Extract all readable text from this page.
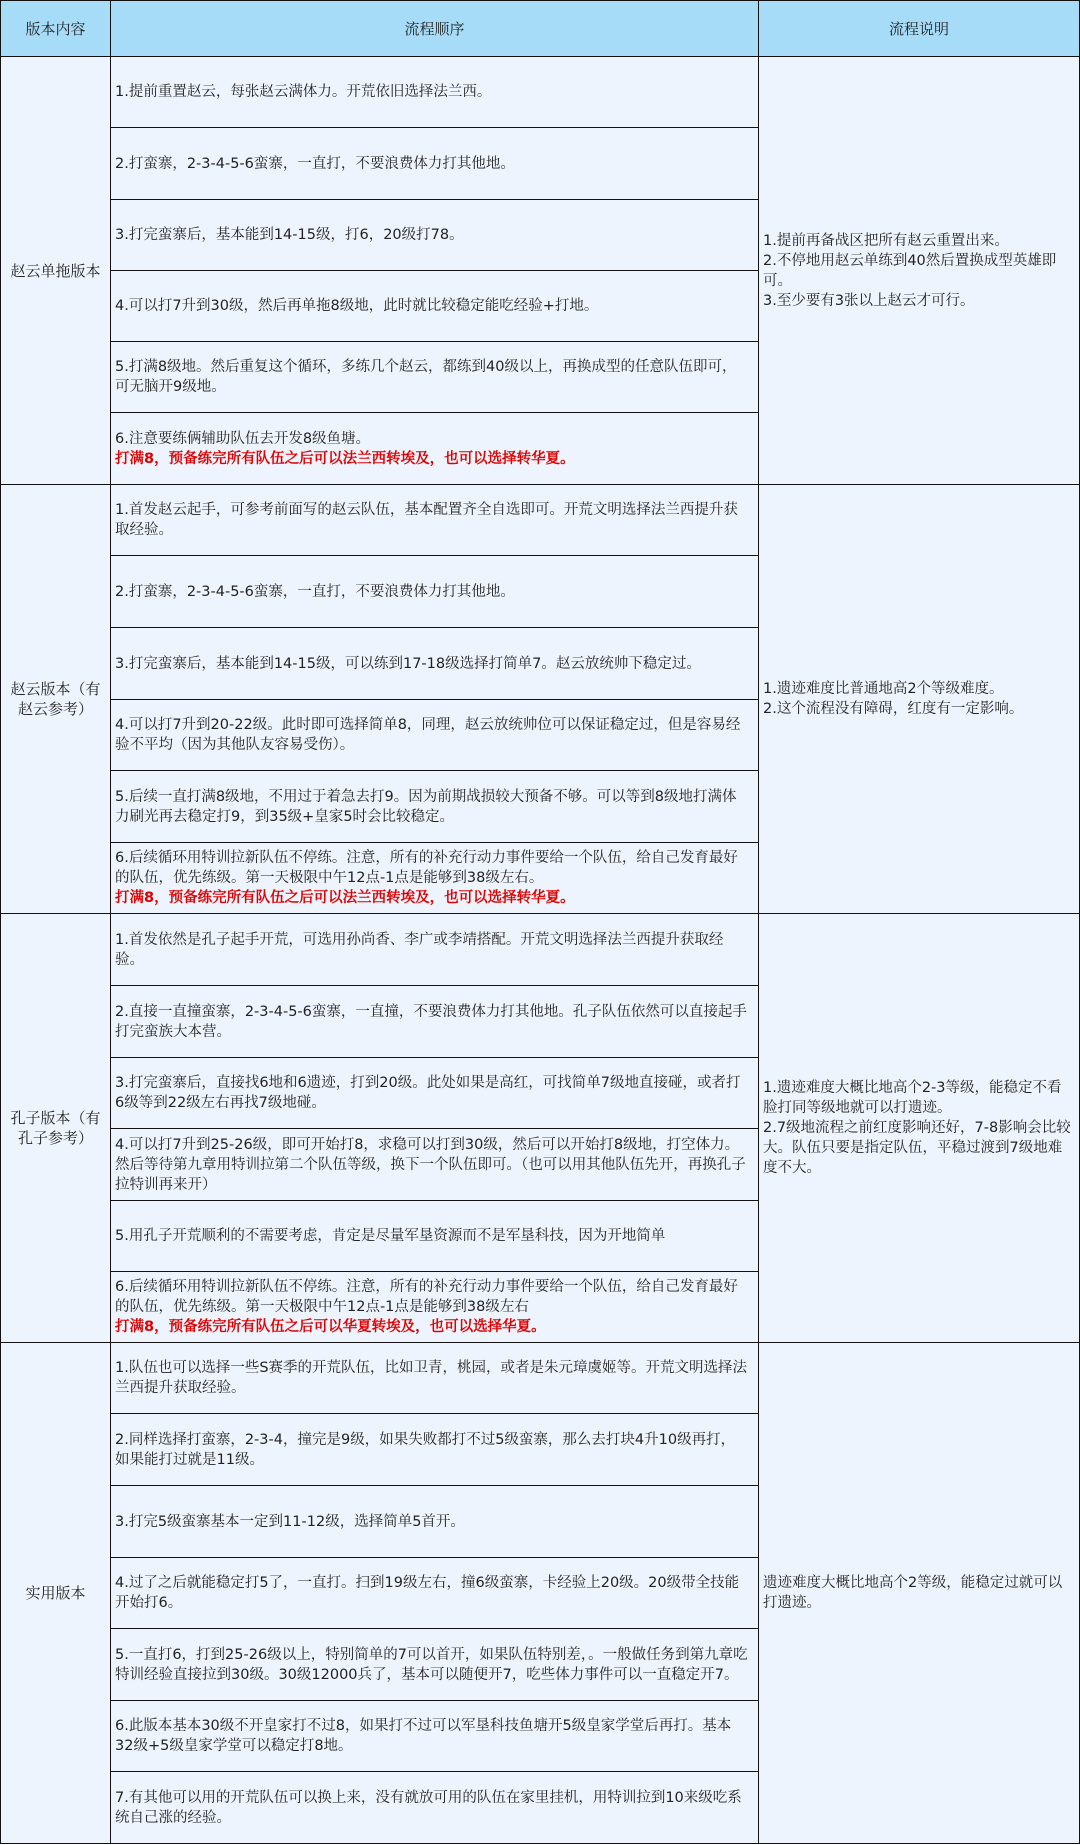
版本内容	流程顺序	流程说明
赵云单拖版本
1.提前重置赵云，每张赵云满体力。开荒依旧选择法兰西。
2.打蛮寨，2-3-4-5-6蛮寨，一直打，不要浪费体力打其他地。
3.打完蛮寨后，基本能到14-15级，打6，20级打78。
4.可以打7升到30级，然后再单拖8级地，此时就比较稳定能吃经验+打地。
5.打满8级地。然后重复这个循环，多练几个赵云，都练到40级以上，再换成型的任意队伍即可，可无脑开9级地。
6.注意要练俩辅助队伍去开发8级鱼塘。
打满8，预备练完所有队伍之后可以法兰西转埃及，也可以选择转华夏。
1.提前再备战区把所有赵云重置出来。
2.不停地用赵云单练到40然后置换成型英雄即可。
3.至少要有3张以上赵云才可行。
赵云版本（有赵云参考）
1.首发赵云起手，可参考前面写的赵云队伍，基本配置齐全自选即可。开荒文明选择法兰西提升获取经验。
2.打蛮寨，2-3-4-5-6蛮寨，一直打，不要浪费体力打其他地。
3.打完蛮寨后，基本能到14-15级，可以练到17-18级选择打简单7。赵云放统帅下稳定过。
4.可以打7升到20-22级。此时即可选择简单8，同理，赵云放统帅位可以保证稳定过，但是容易经验不平均（因为其他队友容易受伤）。
5.后续一直打满8级地，不用过于着急去打9。因为前期战损较大预备不够。可以等到8级地打满体力刷光再去稳定打9，到35级+皇家5时会比较稳定。
6.后续循环用特训拉新队伍不停练。注意，所有的补充行动力事件要给一个队伍，给自己发育最好的队伍，优先练级。第一天极限中午12点-1点是能够到38级左右。
打满8，预备练完所有队伍之后可以法兰西转埃及，也可以选择转华夏。
1.遗迹难度比普通地高2个等级难度。
2.这个流程没有障碍，红度有一定影响。
孔子版本（有孔子参考）
1.首发依然是孔子起手开荒，可选用孙尚香、李广或李靖搭配。开荒文明选择法兰西提升获取经验。
2.直接一直撞蛮寨，2-3-4-5-6蛮寨，一直撞，不要浪费体力打其他地。孔子队伍依然可以直接起手打完蛮族大本营。
3.打完蛮寨后，直接找6地和6遗迹，打到20级。此处如果是高红，可找简单7级地直接碰，或者打6级等到22级左右再找7级地碰。
4.可以打7升到25-26级，即可开始打8，求稳可以打到30级，然后可以开始打8级地，打空体力。然后等待第九章用特训拉第二个队伍等级，换下一个队伍即可。（也可以用其他队伍先开，再换孔子拉特训再来开）
5.用孔子开荒顺利的不需要考虑，肯定是尽量军垦资源而不是军垦科技，因为开地简单
6.后续循环用特训拉新队伍不停练。注意，所有的补充行动力事件要给一个队伍，给自己发育最好的队伍，优先练级。第一天极限中午12点-1点是能够到38级左右
打满8，预备练完所有队伍之后可以华夏转埃及，也可以选择华夏。
1.遗迹难度大概比地高个2-3等级，能稳定不看脸打同等级地就可以打遗迹。
2.7级地流程之前红度影响还好，7-8影响会比较大。队伍只要是指定队伍，平稳过渡到7级地难度不大。
实用版本
1.队伍也可以选择一些S赛季的开荒队伍，比如卫青，桃园，或者是朱元璋虞姬等。开荒文明选择法兰西提升获取经验。
2.同样选择打蛮寨，2-3-4，撞完是9级，如果失败都打不过5级蛮寨，那么去打块4升10级再打，如果能打过就是11级。
3.打完5级蛮寨基本一定到11-12级，选择简单5首开。
4.过了之后就能稳定打5了，一直打。扫到19级左右，撞6级蛮寨，卡经验上20级。20级带全技能开始打6。
5.一直打6，打到25-26级以上，特别简单的7可以首开，如果队伍特别差，。一般做任务到第九章吃特训经验直接拉到30级。30级12000兵了，基本可以随便开7，吃些体力事件可以一直稳定开7。
6.此版本基本30级不开皇家打不过8，如果打不过可以军垦科技鱼塘开5级皇家学堂后再打。基本32级+5级皇家学堂可以稳定打8地。
7.有其他可以用的开荒队伍可以换上来，没有就放可用的队伍在家里挂机，用特训拉到10来级吃系统自己涨的经验。
遗迹难度大概比地高个2等级，能稳定过就可以打遗迹。
